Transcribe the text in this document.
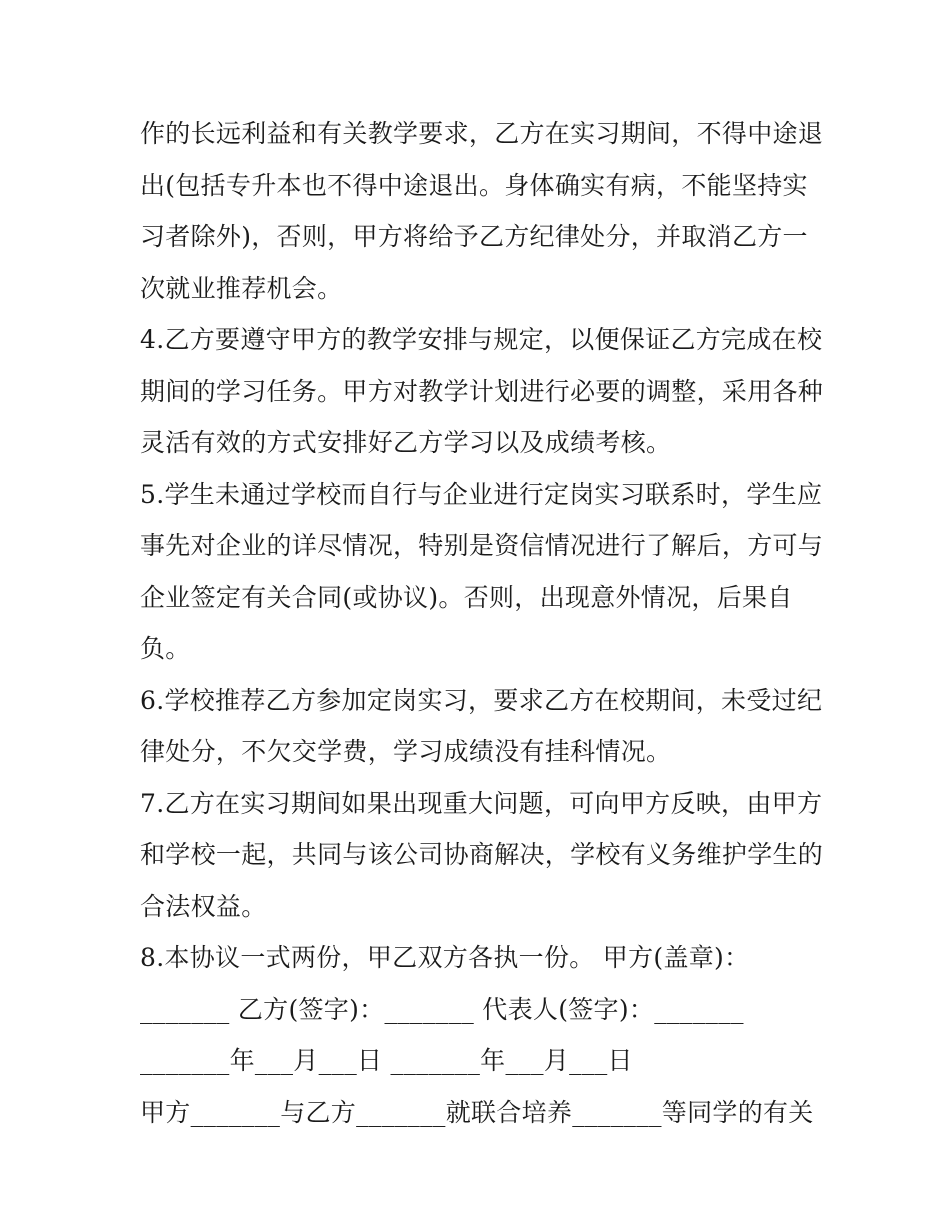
作的长远利益和有关教学要求，乙方在实习期间，不得中途退
出(包括专升本也不得中途退出。身体确实有病，不能坚持实
习者除外)，否则，甲方将给予乙方纪律处分，并取消乙方一
次就业推荐机会。
4.乙方要遵守甲方的教学安排与规定，以便保证乙方完成在校
期间的学习任务。甲方对教学计划进行必要的调整，采用各种
灵活有效的方式安排好乙方学习以及成绩考核。
5.学生未通过学校而自行与企业进行定岗实习联系时，学生应
事先对企业的详尽情况，特别是资信情况进行了解后，方可与
企业签定有关合同(或协议)。否则，出现意外情况，后果自
负。
6.学校推荐乙方参加定岗实习，要求乙方在校期间，未受过纪
律处分，不欠交学费，学习成绩没有挂科情况。
7.乙方在实习期间如果出现重大问题，可向甲方反映，由甲方
和学校一起，共同与该公司协商解决，学校有义务维护学生的
合法权益。
8.本协议一式两份，甲乙双方各执一份。 甲方(盖章)：
_______ 乙方(签字)：_______ 代表人(签字)：_______
_______年___月___日 _______年___月___日
甲方_______与乙方_______就联合培养_______等同学的有关
